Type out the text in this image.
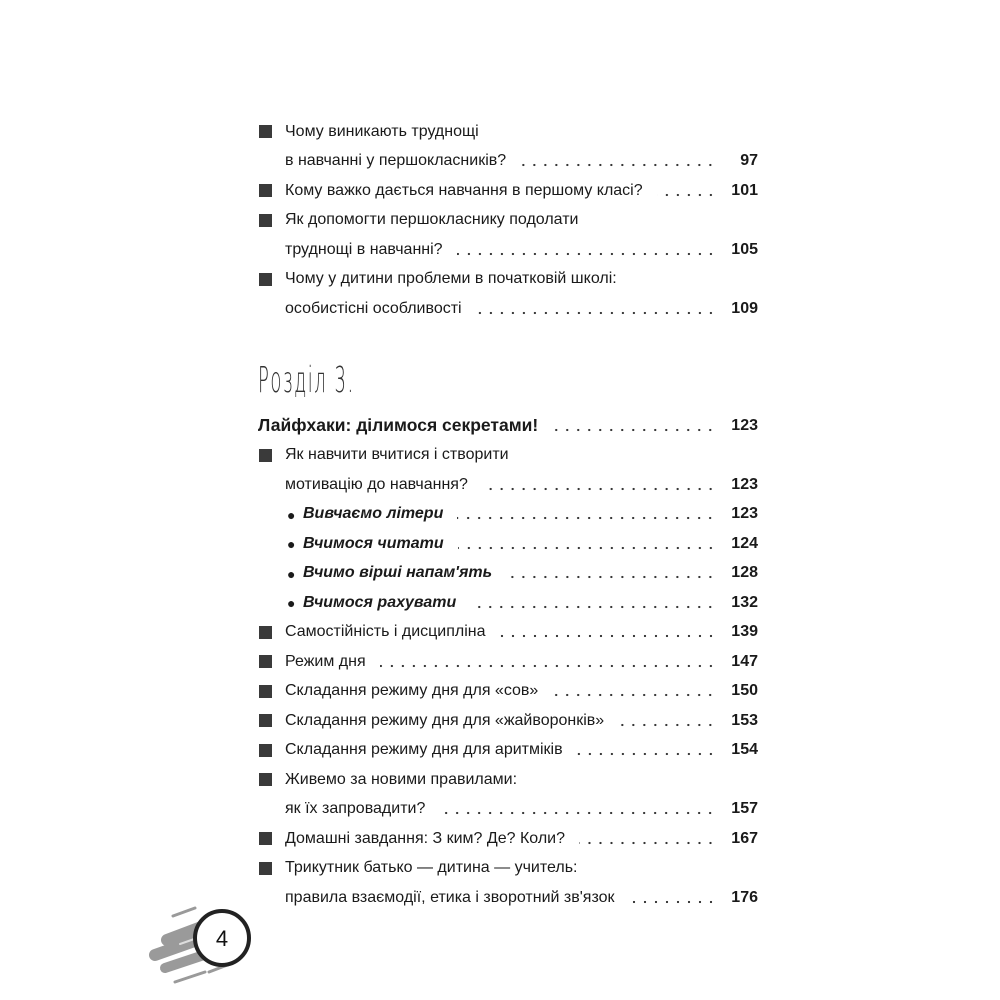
Чому виникають труднощі
в навчанні у першокласників?	97
Кому важко дається навчання в першому класі?	101
Як допомогти першокласнику подолати
труднощі в навчанні?	105
Чому у дитини проблеми в початковій школі:
особистісні особливості	109
Розділ 3.
Лайфхаки: ділимося секретами!	123
Як навчити вчитися і створити
мотивацію до навчання?	123
● Вивчаємо літери	123
● Вчимося читати	124
● Вчимо вірші напам'ять	128
● Вчимося рахувати	132
Самостійність і дисципліна	139
Режим дня	147
Складання режиму дня для «сов»	150
Складання режиму дня для «жайворонків»	153
Складання режиму дня для аритміків	154
Живемо за новими правилами:
як їх запровадити?	157
Домашні завдання: З ким? Де? Коли?	167
Трикутник батько — дитина — учитель:
правила взаємодії, етика і зворотний зв'язок	176
4
